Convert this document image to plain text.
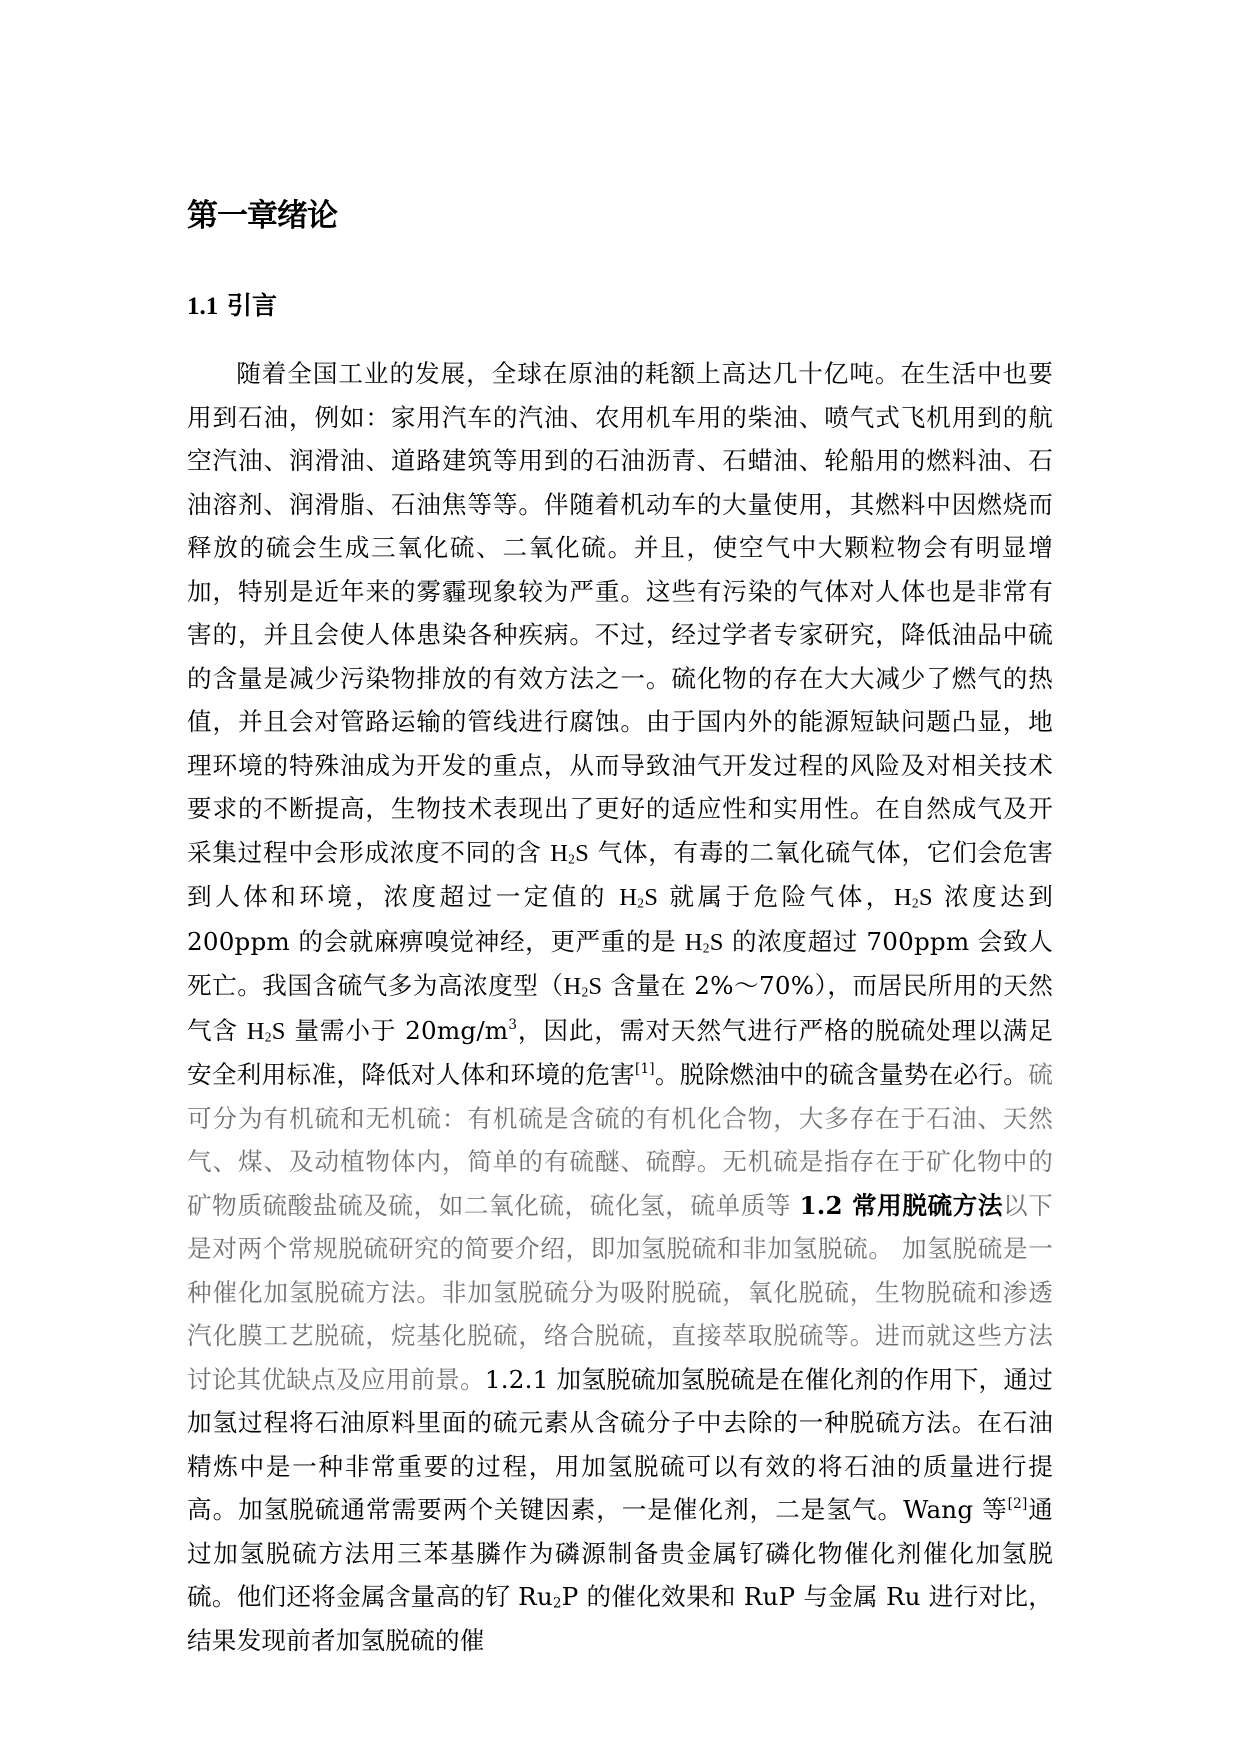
第一章绪论
1.1 引言

随着全国工业的发展，全球在原油的耗额上高达几十亿吨。在生活中也要用到石油，例如：家用汽车的汽油、农用机车用的柴油、喷气式飞机用到的航空汽油、润滑油、道路建筑等用到的石油沥青、石蜡油、轮船用的燃料油、石油溶剂、润滑脂、石油焦等等。伴随着机动车的大量使用，其燃料中因燃烧而释放的硫会生成三氧化硫、二氧化硫。并且，使空气中大颗粒物会有明显增加，特别是近年来的雾霾现象较为严重。这些有污染的气体对人体也是非常有害的，并且会使人体患染各种疾病。不过，经过学者专家研究，降低油品中硫的含量是减少污染物排放的有效方法之一。硫化物的存在大大减少了燃气的热值，并且会对管路运输的管线进行腐蚀。由于国内外的能源短缺问题凸显，地理环境的特殊油成为开发的重点，从而导致油气开发过程的风险及对相关技术要求的不断提高，生物技术表现出了更好的适应性和实用性。在自然成气及开采集过程中会形成浓度不同的含 $H_2S$ 气体，有毒的二氧化硫气体，它们会危害到人体和环境，浓度超过一定值的 $H_2S$ 就属于危险气体，$H_2S$ 浓度达到 200ppm 的会就麻痹嗅觉神经，更严重的是 $H_2S$ 的浓度超过 700ppm 会致人死亡。我国含硫气多为高浓度型（$H_2S$ 含量在 2%～70%），而居民所用的天然气含 $H_2S$ 量需小于 $20mg/m^3$，因此，需对天然气进行严格的脱硫处理以满足安全利用标准，降低对人体和环境的危害[1]。脱除燃油中的硫含量势在必行。硫可分为有机硫和无机硫：有机硫是含硫的有机化合物，大多存在于石油、天然气、煤、及动植物体内，简单的有硫醚、硫醇。无机硫是指存在于矿化物中的矿物质硫酸盐硫及硫，如二氧化硫，硫化氢，硫单质等 1.2 常用脱硫方法以下是对两个常规脱硫研究的简要介绍，即加氢脱硫和非加氢脱硫。 加氢脱硫是一种催化加氢脱硫方法。非加氢脱硫分为吸附脱硫，氧化脱硫，生物脱硫和渗透汽化膜工艺脱硫，烷基化脱硫，络合脱硫，直接萃取脱硫等。进而就这些方法讨论其优缺点及应用前景。1.2.1 加氢脱硫加氢脱硫是在催化剂的作用下，通过加氢过程将石油原料里面的硫元素从含硫分子中去除的一种脱硫方法。在石油精炼中是一种非常重要的过程，用加氢脱硫可以有效的将石油的质量进行提高。加氢脱硫通常需要两个关键因素，一是催化剂，二是氢气。Wang 等[2]通过加氢脱硫方法用三苯基膦作为磷源制备贵金属钌磷化物催化剂催化加氢脱硫。他们还将金属含量高的钌 $Ru_2P$ 的催化效果和 RuP 与金属 Ru 进行对比，结果发现前者加氢脱硫的催
